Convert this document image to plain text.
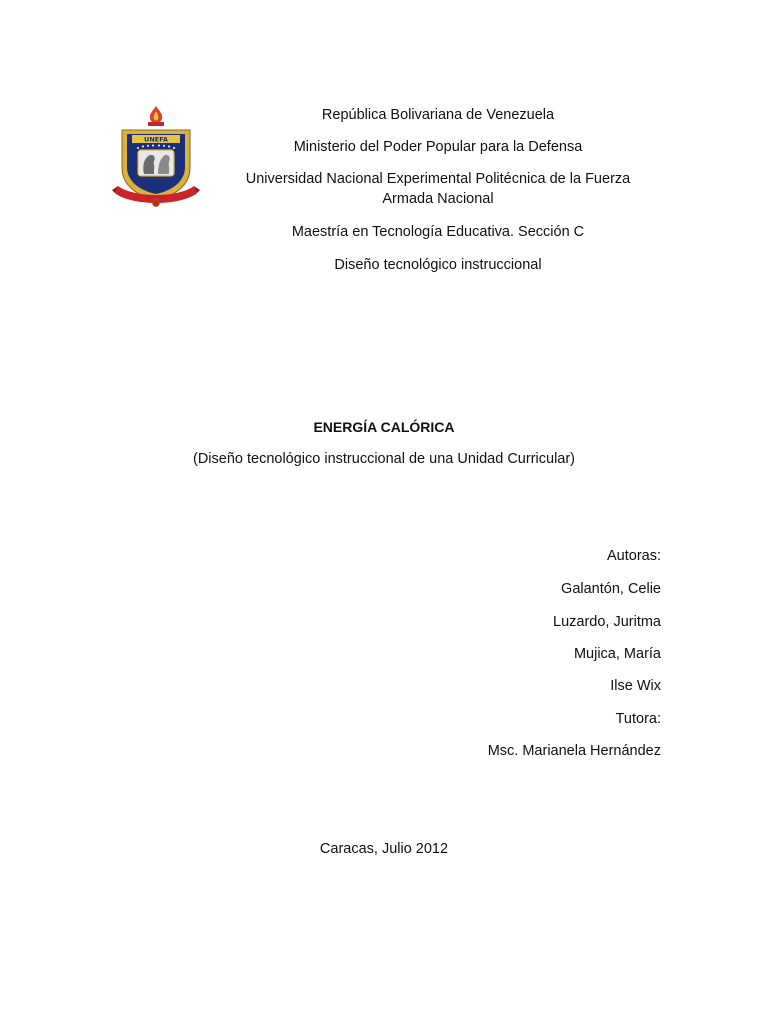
UNEFA
República Bolivariana de Venezuela
Ministerio del Poder Popular para la Defensa
Universidad Nacional Experimental Politécnica de la Fuerza
Armada Nacional
Maestría en Tecnología Educativa. Sección C
Diseño tecnológico instruccional
ENERGÍA CALÓRICA
(Diseño tecnológico instruccional de una Unidad Curricular)
Autoras:
Galantón, Celie
Luzardo, Juritma
Mujica, María
Ilse Wix
Tutora:
Msc. Marianela Hernández
Caracas, Julio 2012
